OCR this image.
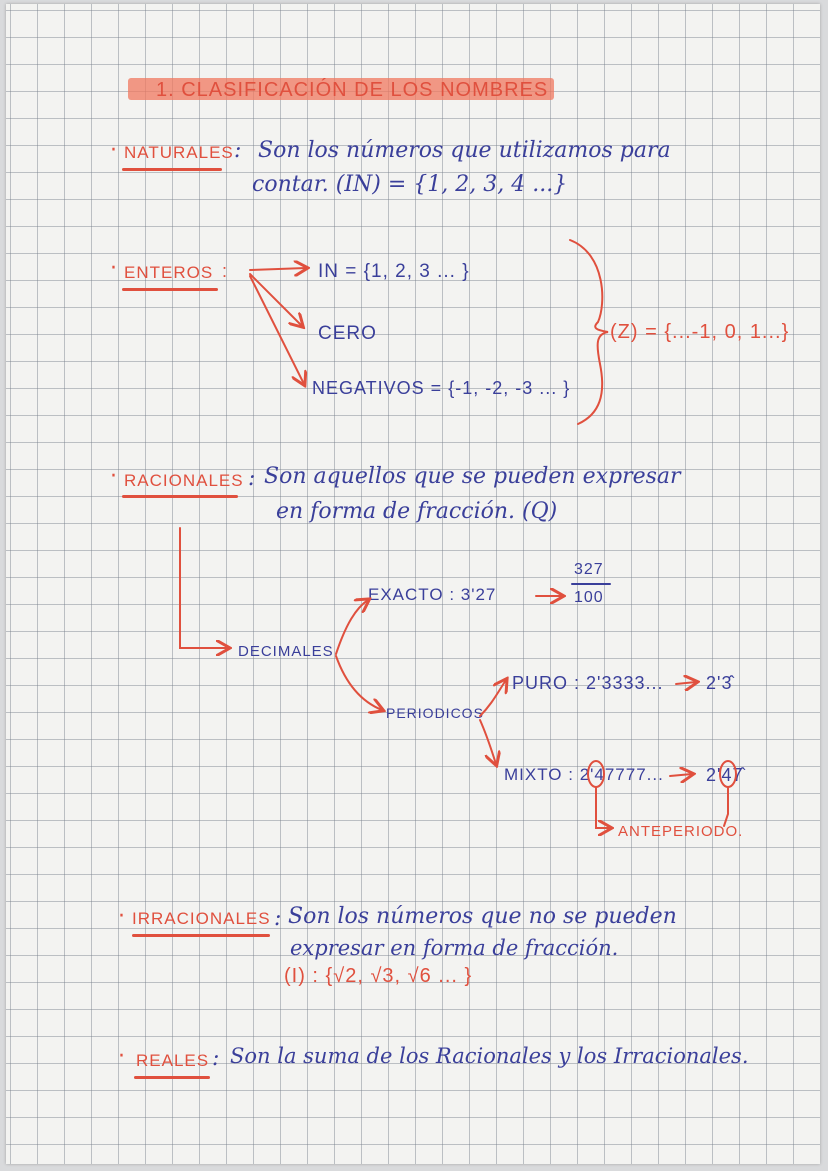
1. CLASIFICACIÓN DE LOS NOMBRES
· NATURALES : Son los números que utilizamos para
contar. (IN) = {1, 2, 3, 4 ...}
· ENTEROS :	IN = {1, 2, 3 ... }
CERO
NEGATIVOS = {-1, -2, -3 ... }
(Z) = {...-1, 0, 1...}
· RACIONALES : Son aquellos que se pueden expresar
en forma de fracción. (Q)
DECIMALES
EXACTO : 3'27
327
100
PERIODICOS
PURO : 2'3333... 2'3̂
MIXTO : 2'47777... 2'47̂
ANTEPERIODO.
· IRRACIONALES : Son los números que no se pueden
expresar en forma de fracción.
(I) : {√2, √3, √6 ... }
· REALES : Son la suma de los Racionales y los Irracionales.
